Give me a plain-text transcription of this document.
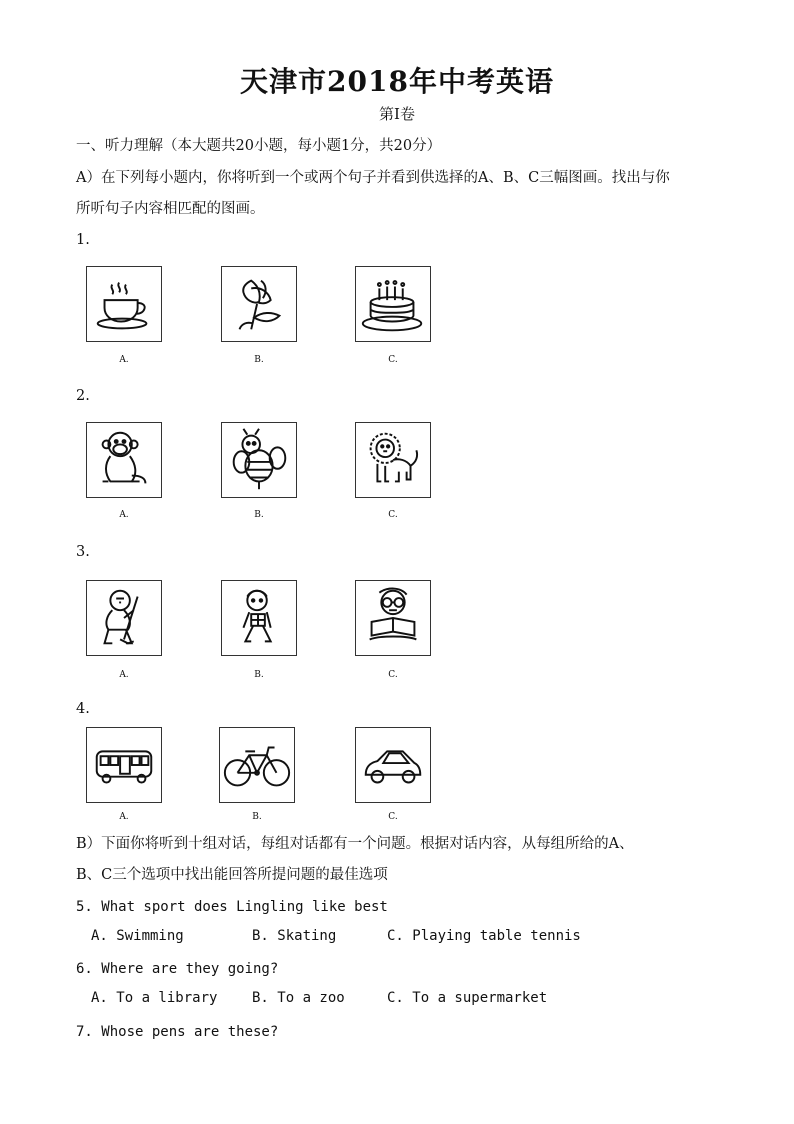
天津市2018年中考英语
第Ⅰ卷
一、听力理解（本大题共20小题，每小题1分，共20分）
A）在下列每小题内，你将听到一个或两个句子并看到供选择的A、B、C三幅图画。找出与你
所听句子内容相匹配的图画。
1.
A.	B.	C.
2.
A.	B.	C.
3.
A.	B.	C.
4.
A.	B.	C.
B）下面你将听到十组对话，每组对话都有一个问题。根据对话内容，从每组所给的A、
B、C三个选项中找出能回答所提问题的最佳选项
5. What sport does Lingling like best
A. Swimming	B. Skating	C. Playing table tennis
6. Where are they going?
A. To a library B. To a zoo	C. To a supermarket
7. Whose pens are these?
